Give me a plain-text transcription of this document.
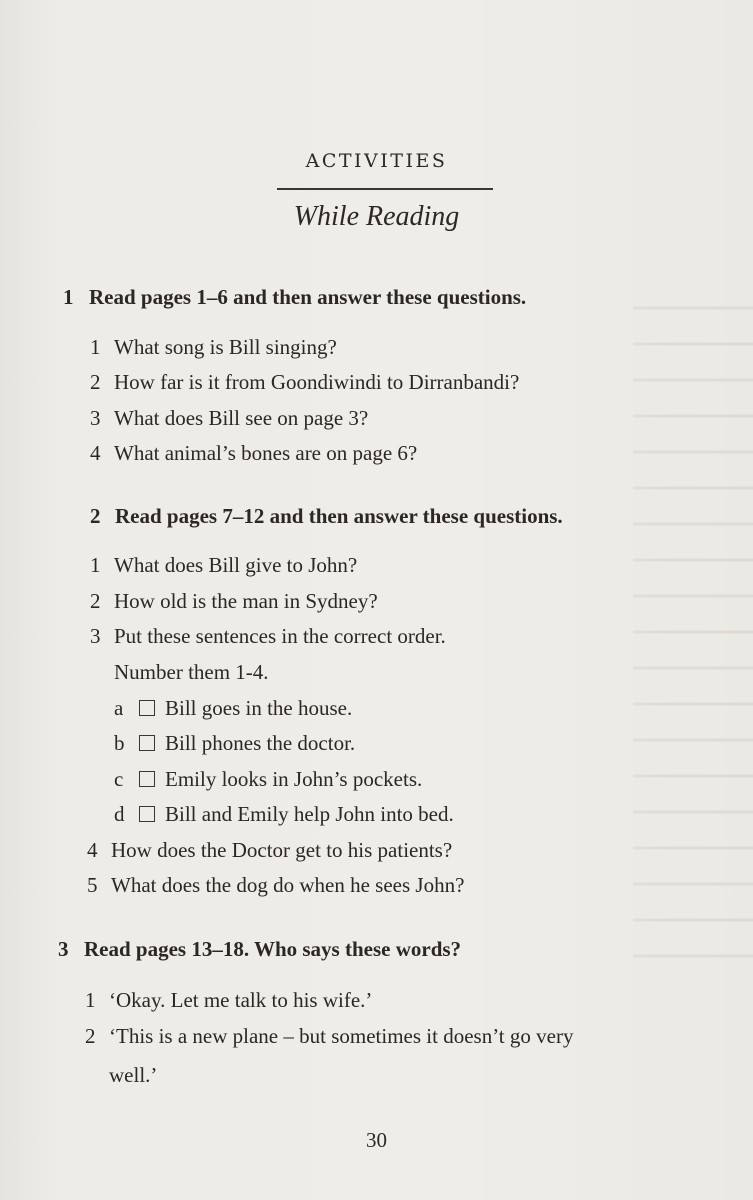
ACTIVITIES
While Reading
1 Read pages 1–6 and then answer these questions.
1 What song is Bill singing?
2 How far is it from Goondiwindi to Dirranbandi?
3 What does Bill see on page 3?
4 What animal’s bones are on page 6?
2 Read pages 7–12 and then answer these questions.
1 What does Bill give to John?
2 How old is the man in Sydney?
3 Put these sentences in the correct order.
Number them 1-4.
a Bill goes in the house.
b Bill phones the doctor.
c Emily looks in John’s pockets.
d Bill and Emily help John into bed.
4 How does the Doctor get to his patients?
5 What does the dog do when he sees John?
3 Read pages 13–18. Who says these words?
1 ‘Okay. Let me talk to his wife.’
2 ‘This is a new plane – but sometimes it doesn’t go very
well.’
30
